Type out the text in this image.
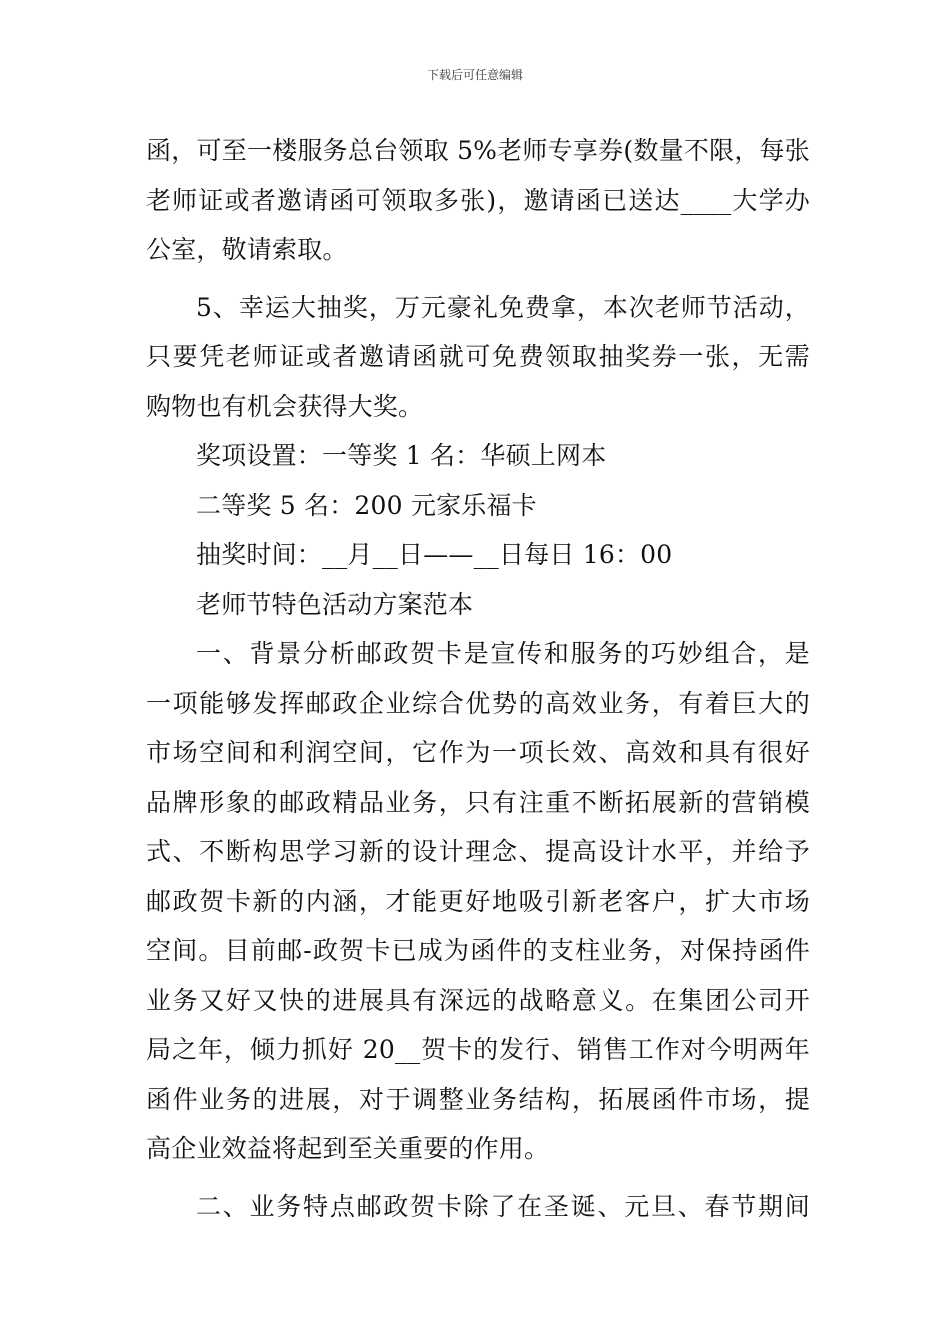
下载后可任意编辑
函，可至一楼服务总台领取 5%老师专享券(数量不限，每张
老师证或者邀请函可领取多张)，邀请函已送达____大学办
公室，敬请索取。
5、幸运大抽奖，万元豪礼免费拿，本次老师节活动，
只要凭老师证或者邀请函就可免费领取抽奖券一张，无需
购物也有机会获得大奖。
奖项设置：一等奖 1 名：华硕上网本
二等奖 5 名：200 元家乐福卡
抽奖时间：__月__日——__日每日 16：00
老师节特色活动方案范本
一、背景分析邮政贺卡是宣传和服务的巧妙组合，是
一项能够发挥邮政企业综合优势的高效业务，有着巨大的
市场空间和利润空间，它作为一项长效、高效和具有很好
品牌形象的邮政精品业务，只有注重不断拓展新的营销模
式、不断构思学习新的设计理念、提高设计水平，并给予
邮政贺卡新的内涵，才能更好地吸引新老客户，扩大市场
空间。目前邮-政贺卡已成为函件的支柱业务，对保持函件
业务又好又快的进展具有深远的战略意义。在集团公司开
局之年，倾力抓好 20__贺卡的发行、销售工作对今明两年
函件业务的进展，对于调整业务结构，拓展函件市场，提
高企业效益将起到至关重要的作用。
二、业务特点邮政贺卡除了在圣诞、元旦、春节期间
